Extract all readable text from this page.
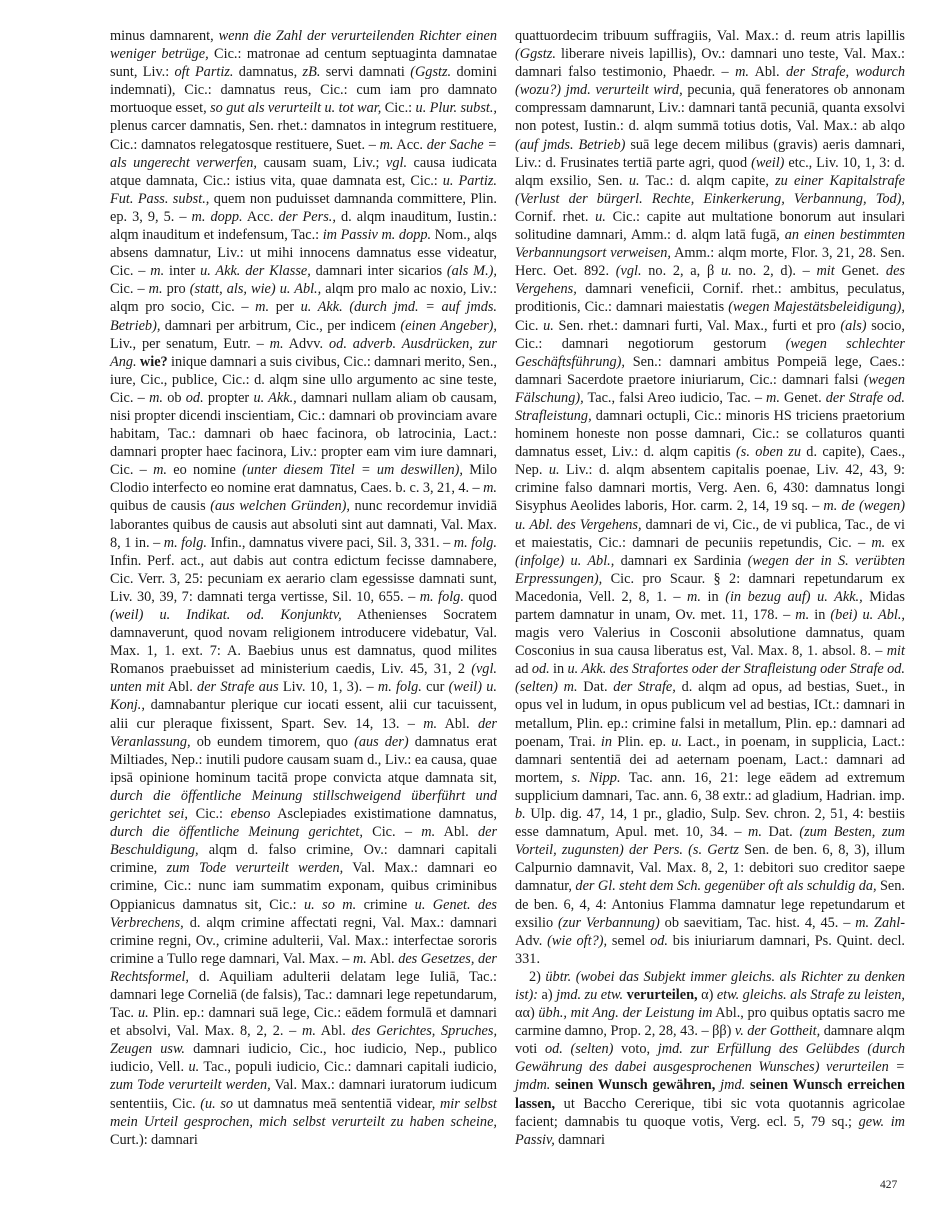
minus damnarent, wenn die Zahl der verurteilenden Richter einen weniger betrüge, Cic.: matronae ad centum septuaginta damnatae sunt, Liv.: oft Partiz. damnatus, zB. servi damnati (Ggstz. domini indemnati), Cic.: damnatus reus, Cic.: cum iam pro damnato mortuoque esset, so gut als verurteilt u. tot war, Cic.: u. Plur. subst., plenus carcer damnatis, Sen. rhet.: damnatos in integrum restituere, Cic.: damnatos relegatosque restituere, Suet. – m. Acc. der Sache = als ungerecht verwerfen, causam suam, Liv.; vgl. causa iudicata atque damnata, Cic.: istius vita, quae damnata est, Cic.: u. Partiz. Fut. Pass. subst., quem non puduisset damnanda committere, Plin. ep. 3, 9, 5. – m. dopp. Acc. der Pers., d. alqm inauditum, Iustin.: alqm inauditum et indefensum, Tac.: im Passiv m. dopp. Nom., alqs absens damnatur, Liv.: ut mihi innocens damnatus esse videatur, Cic. – m. inter u. Akk. der Klasse, damnari inter sicarios (als M.), Cic. – m. pro (statt, als, wie) u. Abl., alqm pro malo ac noxio, Liv.: alqm pro socio, Cic. – m. per u. Akk. (durch jmd. = auf jmds. Betrieb), damnari per arbitrum, Cic., per indicem (einen Angeber), Liv., per senatum, Eutr. – m. Advv. od. adverb. Ausdrücken, zur Ang. wie? inique damnari a suis civibus, Cic.: damnari merito, Sen., iure, Cic., publice, Cic.: d. alqm sine ullo argumento ac sine teste, Cic. – m. ob od. propter u. Akk., damnari nullam aliam ob causam, nisi propter dicendi inscientiam, Cic.: damnari ob provinciam avare habitam, Tac.: damnari ob haec facinora, ob latrocinia, Lact.: damnari propter haec facinora, Liv.: propter eam vim iure damnari, Cic. – m. eo nomine (unter diesem Titel = um deswillen), Milo Clodio interfecto eo nomine erat damnatus, Caes. b. c. 3, 21, 4. – m. quibus de causis (aus welchen Gründen), nunc recordemur invidiā laborantes quibus de causis aut absoluti sint aut damnati, Val. Max. 8, 1 in. – m. folg. Infin., damnatus vivere paci, Sil. 3, 331. – m. folg. Infin. Perf. act., aut dabis aut contra edictum fecisse damnabere, Cic. Verr. 3, 25: pecuniam ex aerario clam egessisse damnati sunt, Liv. 30, 39, 7: damnati terga vertisse, Sil. 10, 655. – m. folg. quod (weil) u. Indikat. od. Konjunktv, Athenienses Socratem damnaverunt, quod novam religionem introducere videbatur, Val. Max. 1, 1. ext. 7: A. Baebius unus est damnatus, quod milites Romanos praebuisset ad ministerium caedis, Liv. 45, 31, 2 (vgl. unten mit Abl. der Strafe aus Liv. 10, 1, 3). – m. folg. cur (weil) u. Konj., damnabantur plerique cur iocati essent, alii cur tacuissent, alii cur pleraque fixissent, Spart. Sev. 14, 13. – m. Abl. der Veranlassung, ob eundem timorem, quo (aus der) damnatus erat Miltiades, Nep.: inutili pudore causam suam d., Liv.: ea causa, quae ipsā opinione hominum tacitā prope convicta atque damnata sit, durch die öffentliche Meinung stillschweigend überführt und gerichtet sei, Cic.: ebenso Asclepiades existimatione damnatus, durch die öffentliche Meinung gerichtet, Cic. – m. Abl. der Beschuldigung, alqm d. falso crimine, Ov.: damnari capitali crimine, zum Tode verurteilt werden, Val. Max.: damnari eo crimine, Cic.: nunc iam summatim exponam, quibus criminibus Oppianicus damnatus sit, Cic.: u. so m. crimine u. Genet. des Verbrechens, d. alqm crimine affectati regni, Val. Max.: damnari crimine regni, Ov., crimine adulterii, Val. Max.: interfectae sororis crimine a Tullo rege damnari, Val. Max. – m. Abl. des Gesetzes, der Rechtsformel, d. Aquiliam adulterii delatam lege Iuliā, Tac.: damnari lege Corneliā (de falsis), Tac.: damnari lege repetundarum, Tac. u. Plin. ep.: damnari suā lege, Cic.: eādem formulā et damnari et absolvi, Val. Max. 8, 2, 2. – m. Abl. des Gerichtes, Spruches, Zeugen usw. damnari iudicio, Cic., hoc iudicio, Nep., publico iudicio, Vell. u. Tac., populi iudicio, Cic.: damnari capitali iudicio, zum Tode verurteilt werden, Val. Max.: damnari iuratorum iudicum sententiis, Cic. (u. so ut damnatus meā sententiā videar, mir selbst mein Urteil gesprochen, mich selbst verurteilt zu haben scheine, Curt.): damnari

quattuordecim tribuum suffragiis, Val. Max.: d. reum atris lapillis (Ggstz. liberare niveis lapillis), Ov.: damnari uno teste, Val. Max.: damnari falso testimonio, Phaedr. – m. Abl. der Strafe, wodurch (wozu?) jmd. verurteilt wird, pecunia, quā feneratores ob annonam compressam damnarunt, Liv.: damnari tantā pecuniā, quanta exsolvi non potest, Iustin.: d. alqm summā totius dotis, Val. Max.: ab alqo (auf jmds. Betrieb) suā lege decem milibus (gravis) aeris damnari, Liv.: d. Frusinates tertiā parte agri, quod (weil) etc., Liv. 10, 1, 3: d. alqm exsilio, Sen. u. Tac.: d. alqm capite, zu einer Kapitalstrafe (Verlust der bürgerl. Rechte, Einkerkerung, Verbannung, Tod), Cornif. rhet. u. Cic.: capite aut multatione bonorum aut insulari solitudine damnari, Amm.: d. alqm latā fugā, an einen bestimmten Verbannungsort verweisen, Amm.: alqm morte, Flor. 3, 21, 28. Sen. Herc. Oet. 892. (vgl. no. 2, a, β u. no. 2, d). – mit Genet. des Vergehens, damnari veneficii, Cornif. rhet.: ambitus, peculatus, proditionis, Cic.: damnari maiestatis (wegen Majestätsbeleidigung), Cic. u. Sen. rhet.: damnari furti, Val. Max., furti et pro (als) socio, Cic.: damnari negotiorum gestorum (wegen schlechter Geschäftsführung), Sen.: damnari ambitus Pompeiā lege, Caes.: damnari Sacerdote praetore iniuriarum, Cic.: damnari falsi (wegen Fälschung), Tac., falsi Areo iudicio, Tac. – m. Genet. der Strafe od. Strafleistung, damnari octupli, Cic.: minoris HS triciens praetorium hominem honeste non posse damnari, Cic.: se collaturos quanti damnatus esset, Liv.: d. alqm capitis (s. oben zu d. capite), Caes., Nep. u. Liv.: d. alqm absentem capitalis poenae, Liv. 42, 43, 9: crimine falso damnari mortis, Verg. Aen. 6, 430: damnatus longi Sisyphus Aeolides laboris, Hor. carm. 2, 14, 19 sq. – m. de (wegen) u. Abl. des Vergehens, damnari de vi, Cic., de vi publica, Tac., de vi et maiestatis, Cic.: damnari de pecuniis repetundis, Cic. – m. ex (infolge) u. Abl., damnari ex Sardinia (wegen der in S. verübten Erpressungen), Cic. pro Scaur. § 2: damnari repetundarum ex Macedonia, Vell. 2, 8, 1. – m. in (in bezug auf) u. Akk., Midas partem damnatur in unam, Ov. met. 11, 178. – m. in (bei) u. Abl., magis vero Valerius in Cosconii absolutione damnatus, quam Cosconius in sua causa liberatus est, Val. Max. 8, 1. absol. 8. – mit ad od. in u. Akk. des Strafortes oder der Strafleistung oder Strafe od. (selten) m. Dat. der Strafe, d. alqm ad opus, ad bestias, Suet., in opus vel in ludum, in opus publicum vel ad bestias, ICt.: damnari in metallum, Plin. ep.: crimine falsi in metallum, Plin. ep.: damnari ad poenam, Trai. in Plin. ep. u. Lact., in poenam, in supplicia, Lact.: damnari sententiā dei ad aeternam poenam, Lact.: damnari ad mortem, s. Nipp. Tac. ann. 16, 21: lege eādem ad extremum supplicium damnari, Tac. ann. 6, 38 extr.: ad gladium, Hadrian. imp. b. Ulp. dig. 47, 14, 1 pr., gladio, Sulp. Sev. chron. 2, 51, 4: bestiis esse damnatum, Apul. met. 10, 34. – m. Dat. (zum Besten, zum Vorteil, zugunsten) der Pers. (s. Gertz Sen. de ben. 6, 8, 3), illum Calpurnio damnavit, Val. Max. 8, 2, 1: debitori suo creditor saepe damnatur, der Gl. steht dem Sch. gegenüber oft als schuldig da, Sen. de ben. 6, 4, 4: Antonius Flamma damnatur lege repetundarum et exsilio (zur Verbannung) ob saevitiam, Tac. hist. 4, 45. – m. Zahl- Adv. (wie oft?), semel od. bis iniuriarum damnari, Ps. Quint. decl. 331.

2) übtr. (wobei das Subjekt immer gleichs. als Richter zu denken ist): a) jmd. zu etw. verurteilen, α) etw. gleichs. als Strafe zu leisten, αα) übh., mit Ang. der Leistung im Abl., pro quibus optatis sacro me carmine damno, Prop. 2, 28, 43. – ββ) v. der Gottheit, damnare alqm voti od. (selten) voto, jmd. zur Erfüllung des Gelübdes (durch Gewährung des dabei ausgesprochenen Wunsches) verurteilen = jmdm. seinen Wunsch gewähren, jmd. seinen Wunsch erreichen lassen, ut Baccho Cererique, tibi sic vota quotannis agricolae facient; damnabis tu quoque votis, Verg. ecl. 5, 79 sq.; gew. im Passiv, damnari

427
